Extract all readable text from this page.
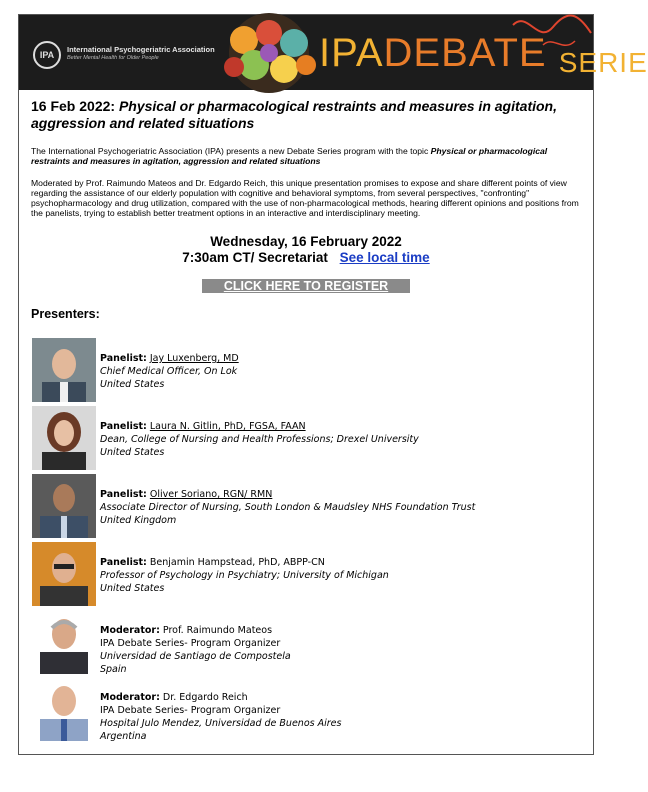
IPA
International Psychogeriatric Association
Better Mental Health for Older People	IPADEBATE SERIE
16 Feb 2022: Physical or pharmacological restraints and measures in agitation, aggression and related situations
The International Psychogeriatric Association (IPA) presents a new Debate Series program with the topic Physical or pharmacological restraints and measures in agitation, aggression and related situations
Moderated by Prof. Raimundo Mateos and Dr. Edgardo Reich, this unique presentation promises to expose and share different points of view regarding the assistance of our elderly population with cognitive and behavioral symptoms, from several perspectives, "confronting" psychopharmacology and drug utilization, compared with the use of non-pharmacological methods, hearing different opinions and positions from the panelists, trying to establish better treatment options in an interactive and interdisciplinary meeting.
Wednesday, 16 February 2022
7:30am CT/ Secretariat See local time
CLICK HERE TO REGISTER
Presenters:
Panelist: Jay Luxenberg, MD
Chief Medical Officer, On Lok
United States
Panelist: Laura N. Gitlin, PhD, FGSA, FAAN
Dean, College of Nursing and Health Professions; Drexel University
United States
Panelist: Oliver Soriano, RGN/ RMN
Associate Director of Nursing, South London & Maudsley NHS Foundation Trust
United Kingdom
Panelist: Benjamin Hampstead, PhD, ABPP-CN
Professor of Psychology in Psychiatry; University of Michigan
United States
Moderator: Prof. Raimundo Mateos
IPA Debate Series- Program Organizer
Universidad de Santiago de Compostela
Spain
Moderator: Dr. Edgardo Reich
IPA Debate Series- Program Organizer
Hospital Julo Mendez, Universidad de Buenos Aires
Argentina
